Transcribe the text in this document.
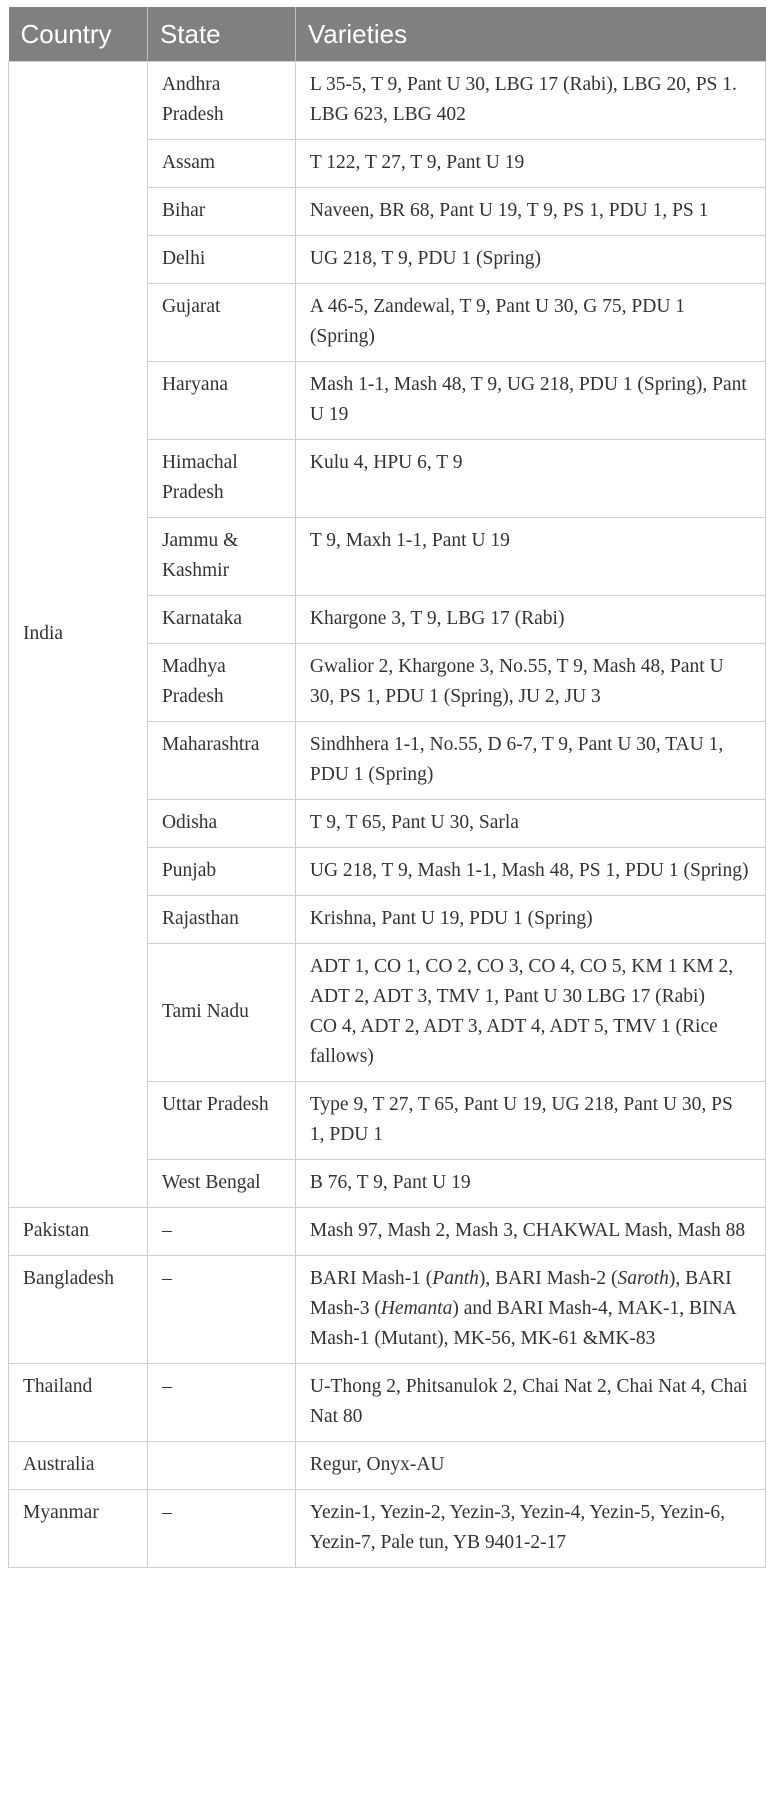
Country	State	Varieties
India	Andhra Pradesh	L 35-5, T 9, Pant U 30, LBG 17 (Rabi), LBG 20, PS 1. LBG 623, LBG 402
	Assam	T 122, T 27, T 9, Pant U 19
	Bihar	Naveen, BR 68, Pant U 19, T 9, PS 1, PDU 1, PS 1
	Delhi	UG 218, T 9, PDU 1 (Spring)
	Gujarat	A 46-5, Zandewal, T 9, Pant U 30, G 75, PDU 1 (Spring)
	Haryana	Mash 1-1, Mash 48, T 9, UG 218, PDU 1 (Spring), Pant U 19
	Himachal Pradesh	Kulu 4, HPU 6, T 9
	Jammu & Kashmir	T 9, Maxh 1-1, Pant U 19
	Karnataka	Khargone 3, T 9, LBG 17 (Rabi)
	Madhya Pradesh	Gwalior 2, Khargone 3, No.55, T 9, Mash 48, Pant U 30, PS 1, PDU 1 (Spring), JU 2, JU 3
	Maharashtra	Sindhhera 1-1, No.55, D 6-7, T 9, Pant U 30, TAU 1, PDU 1 (Spring)
	Odisha	T 9, T 65, Pant U 30, Sarla
	Punjab	UG 218, T 9, Mash 1-1, Mash 48, PS 1, PDU 1 (Spring)
	Rajasthan	Krishna, Pant U 19, PDU 1 (Spring)
	Tami Nadu	ADT 1, CO 1, CO 2, CO 3, CO 4, CO 5, KM 1 KM 2, ADT 2, ADT 3, TMV 1, Pant U 30 LBG 17 (Rabi)
CO 4, ADT 2, ADT 3, ADT 4, ADT 5, TMV 1 (Rice fallows)

	Uttar Pradesh	Type 9, T 27, T 65, Pant U 19, UG 218, Pant U 30, PS 1, PDU 1
	West Bengal	B 76, T 9, Pant U 19
Pakistan	–	Mash 97, Mash 2, Mash 3, CHAKWAL Mash, Mash 88
Bangladesh	–	BARI Mash-1 (Panth), BARI Mash-2 (Saroth), BARI Mash-3 (Hemanta) and BARI Mash-4, MAK-1, BINA Mash-1 (Mutant), MK-56, MK-61 &MK-83
Thailand	–	U-Thong 2, Phitsanulok 2, Chai Nat 2, Chai Nat 4, Chai Nat 80
Australia		Regur, Onyx-AU
Myanmar	–	Yezin-1, Yezin-2, Yezin-3, Yezin-4, Yezin-5, Yezin-6, Yezin-7, Pale tun, YB 9401-2-17
